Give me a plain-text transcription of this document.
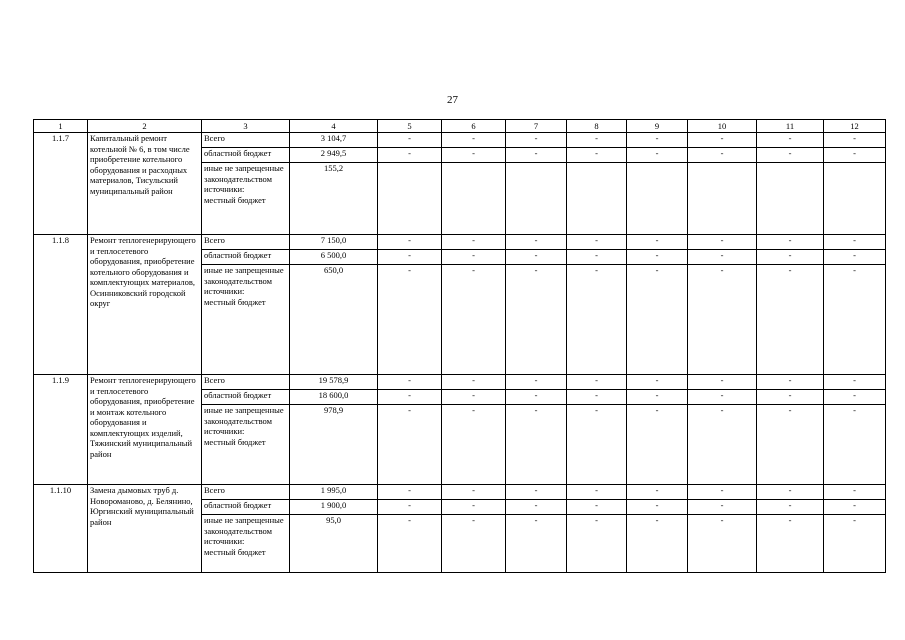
27
1	2	3	4	5	6	7	8	9	10	11	12
1.1.7	Капитальный ремонт котельной № 6, в том числе приобретение котельного оборудования и расходных материалов, Тисульский муниципальный район	Всего	3 104,7	-	-	-	-	-	-	-	-
		областной бюджет	2 949,5	-	-	-	-	-	-	-	-

		иные не запрещенные законодательством источники:
местный бюджет	155,2								
1.1.8	Ремонт теплогенерирующего и теплосетевого оборудования, приобретение котельного оборудования и комплектующих материалов, Осинниковский городской округ	Всего	7 150,0	-	-	-	-	-	-	-	-
		областной бюджет	6 500,0	-	-	-	-	-	-	-	-

		иные не запрещенные законодательством источники:
местный бюджет	650,0	-	-	-	-	-	-	-	-
1.1.9	Ремонт теплогенерирующего и теплосетевого оборудования, приобретение и монтаж котельного оборудования и комплектующих изделий, Тяжинский муниципальный район	Всего	19 578,9	-	-	-	-	-	-	-	-
		областной бюджет	18 600,0	-	-	-	-	-	-	-	-

		иные не запрещенные законодательством источники:
местный бюджет	978,9	-	-	-	-	-	-	-	-
1.1.10	Замена дымовых труб д. Новороманово, д. Белянино, Юргинский муниципальный район	Всего	1 995,0	-	-	-	-	-	-	-	-
		областной бюджет	1 900,0	-	-	-	-	-	-	-	-

		иные не запрещенные законодательством источники:
местный бюджет	95,0	-	-	-	-	-	-	-	-
